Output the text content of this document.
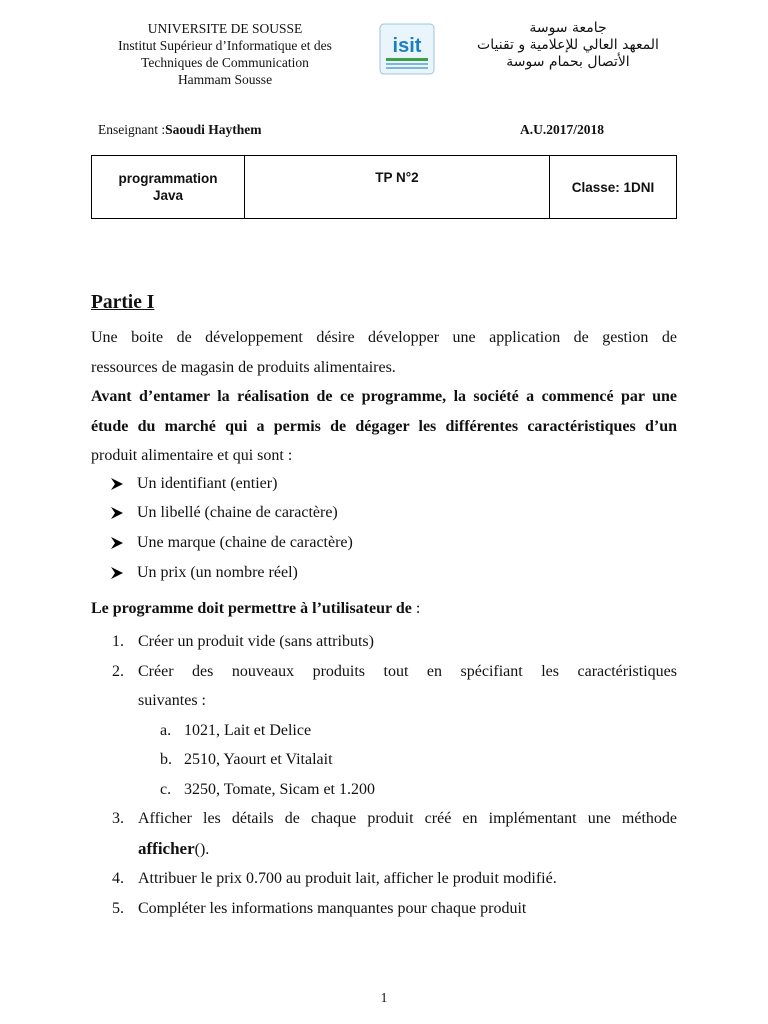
UNIVERSITE DE SOUSSE
Institut Supérieur d’Informatique et des
Techniques de Communication
Hammam Sousse
isit
جامعة سوسة
المعهد العالي للإعلامية و تقنيات
الأتصال بحمام سوسة
Enseignant :Saoudi Haythem	A.U.2017/2018
programmation
Java
	TP N°2	Classe: 1DNI
Partie I
Une boite de développement désire développer une application de gestion de
ressources de magasin de produits alimentaires.
Avant d’entamer la réalisation de ce programme, la société a commencé par une
étude du marché qui a permis de dégager les différentes caractéristiques d’un
produit alimentaire et qui sont :
Un identifiant (entier)
Un libellé (chaine de caractère)
Une marque (chaine de caractère)
Un prix (un nombre réel)
Le programme doit permettre à l’utilisateur de :
1. Créer un produit vide (sans attributs)
2. Créer des nouveaux produits tout en spécifiant les caractéristiques
suivantes :
a. 1021, Lait et Delice
b. 2510, Yaourt et Vitalait
c. 3250, Tomate, Sicam et 1.200
3. Afficher les détails de chaque produit créé en implémentant une méthode
afficher().
4. Attribuer le prix 0.700 au produit lait, afficher le produit modifié.
5. Compléter les informations manquantes pour chaque produit
1
